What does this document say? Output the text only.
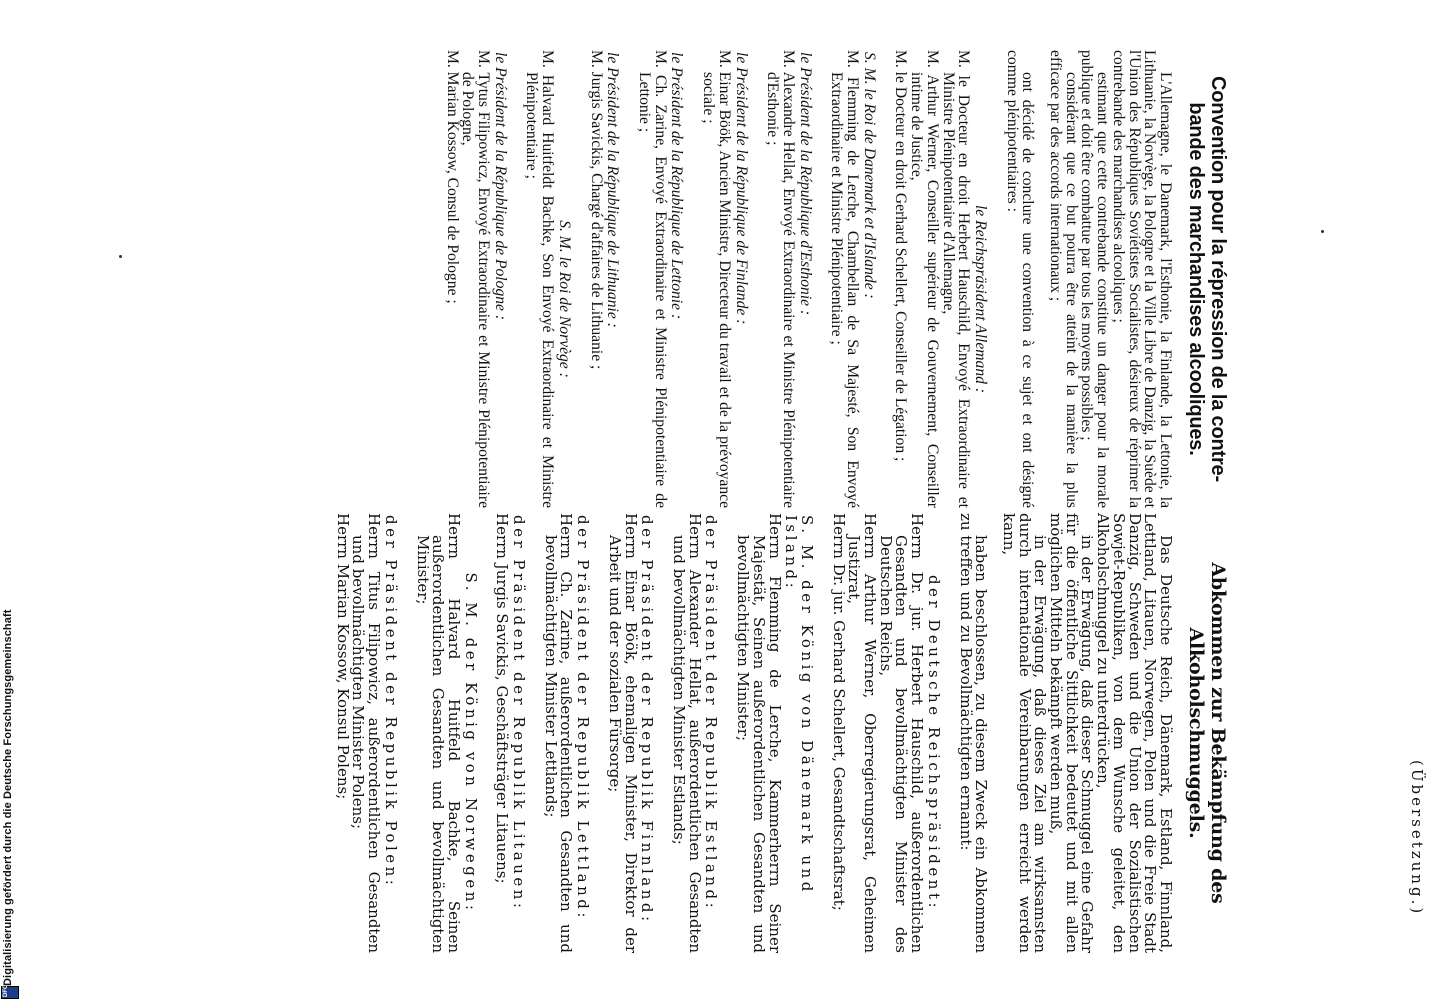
(Übersetzung.)
Abkommen zur Bekämpfung des Alkoholschmuggels.

Das Deutsche Reich, Dänemark, Estland, Finnland, Lettland, Litauen, Norwegen, Polen und die Freie Stadt Danzig, Schweden und die Union der Sozialistischen Sowjet-Republiken, von dem Wunsche geleitet, den Alkoholschmuggel zu unterdrücken,

in der Erwägung, daß dieser Schmuggel eine Gefahr für die öffentliche Sittlichkeit bedeutet und mit allen möglichen Mitteln bekämpft werden muß,

in der Erwägung, daß dieses Ziel am wirksamsten durch internationale Vereinbarungen erreicht werden kann,

haben beschlossen, zu diesem Zweck ein Abkommen zu treffen und zu Bevollmächtigten ernannt:

der Deutsche Reichspräsident:

Herrn Dr. jur. Herbert Hauschild, außerordentlichen Gesandten und bevollmächtigten Minister des Deutschen Reichs,

Herrn Arthur Werner, Oberregierungsrat, Geheimen Justizrat,

Herrn Dr. jur. Gerhard Schellert, Gesandtschaftsrat;

S. M. der König von Dänemark und Island:

Herrn Flemming de Lerche, Kammerherrn Seiner Majestät, Seinen außerordentlichen Gesandten und bevollmächtigten Minister;

der Präsident der Republik Estland:

Herrn Alexander Hellat, außerordentlichen Gesandten und bevollmächtigten Minister Estlands;

der Präsident der Republik Finnland:

Herrn Einar Böök, ehemaligen Minister, Direktor der Arbeit und der sozialen Fürsorge;

der Präsident der Republik Lettland:

Herrn Ch. Zarine, außerordentlichen Gesandten und bevollmächtigten Minister Lettlands;

der Präsident der Republik Litauen:

Herrn Jurgis Savickis, Geschäftsträger Litauens;

S. M. der König von Norwegen:

Herrn Halvard Huitfeld Bachke, Seinen außerordentlichen Gesandten und bevollmächtigten Minister;

der Präsident der Republik Polen:

Herrn Titus Filipowicz, außerordentlichen Gesandten und bevollmächtigten Minister Polens;

Herrn Marian Kossow, Konsul Polens;

Convention pour la répression de la contre-bande des marchandises alcooliques.

L'Allemagne, le Danemark, l'Esthonie, la Finlande, la Lettonie, la Lithuanie, la Norvège, la Pologne et la Ville Libre de Danzig, la Suède et l'Union des Républiques Soviétistes Socialistes, désireux de réprimer la contrebande des marchandises alcooliques ;

estimant que cette contrebande constitue un danger pour la morale publique et doit être combattue par tous les moyens possibles ;

considérant que ce but pourra être atteint de la manière la plus efficace par des accords internationaux ;

ont décidé de conclure une convention à ce sujet et ont désigné comme plénipotentiaires :

le Reichspräsident Allemand :

M. le Docteur en droit Herbert Hauschild, Envoyé Extraordinaire et Ministre Plénipotentiaire d'Allemagne,

M. Arthur Werner, Conseiller supérieur de Gouvernement, Conseiller intime de Justice,

M. le Docteur en droit Gerhard Schellert, Conseiller de Légation ;

S. M. le Roi de Danemark et d'Islande :

M. Flemming de Lerche, Chambellan de Sa Majesté, Son Envoyé Extraordinaire et Ministre Plénipotentiaire ;

le Président de la République d'Esthonie :

M. Alexandre Hellat, Envoyé Extraordinaire et Ministre Plénipotentiaire d'Esthonie ;

le Président de la République de Finlande :

M. Einar Böök, Ancien Ministre, Directeur du travail et de la prévoyance sociale ;

le Président de la République de Lettonie :

M. Ch. Zarine, Envoyé Extraordinaire et Ministre Plénipotentiaire de Lettonie ;

le Président de la République de Lithuanie :

M. Jurgis Savickis, Chargé d'affaires de Lithuanie ;

S. M. le Roi de Norvège :

M. Halvard Huitfeldt Bachke, Son Envoyé Extraordinaire et Ministre Plénipotentiaire ;

le Président de la République de Pologne :

M. Tytus Filipowicz, Envoyé Extraordinaire et Ministre Plénipotentiaire de Pologne,

M. Marian Kossow, Consul de Pologne ;

DFG
Digitalisierung gefördert durch die Deutsche Forschungsgemeinschaft
